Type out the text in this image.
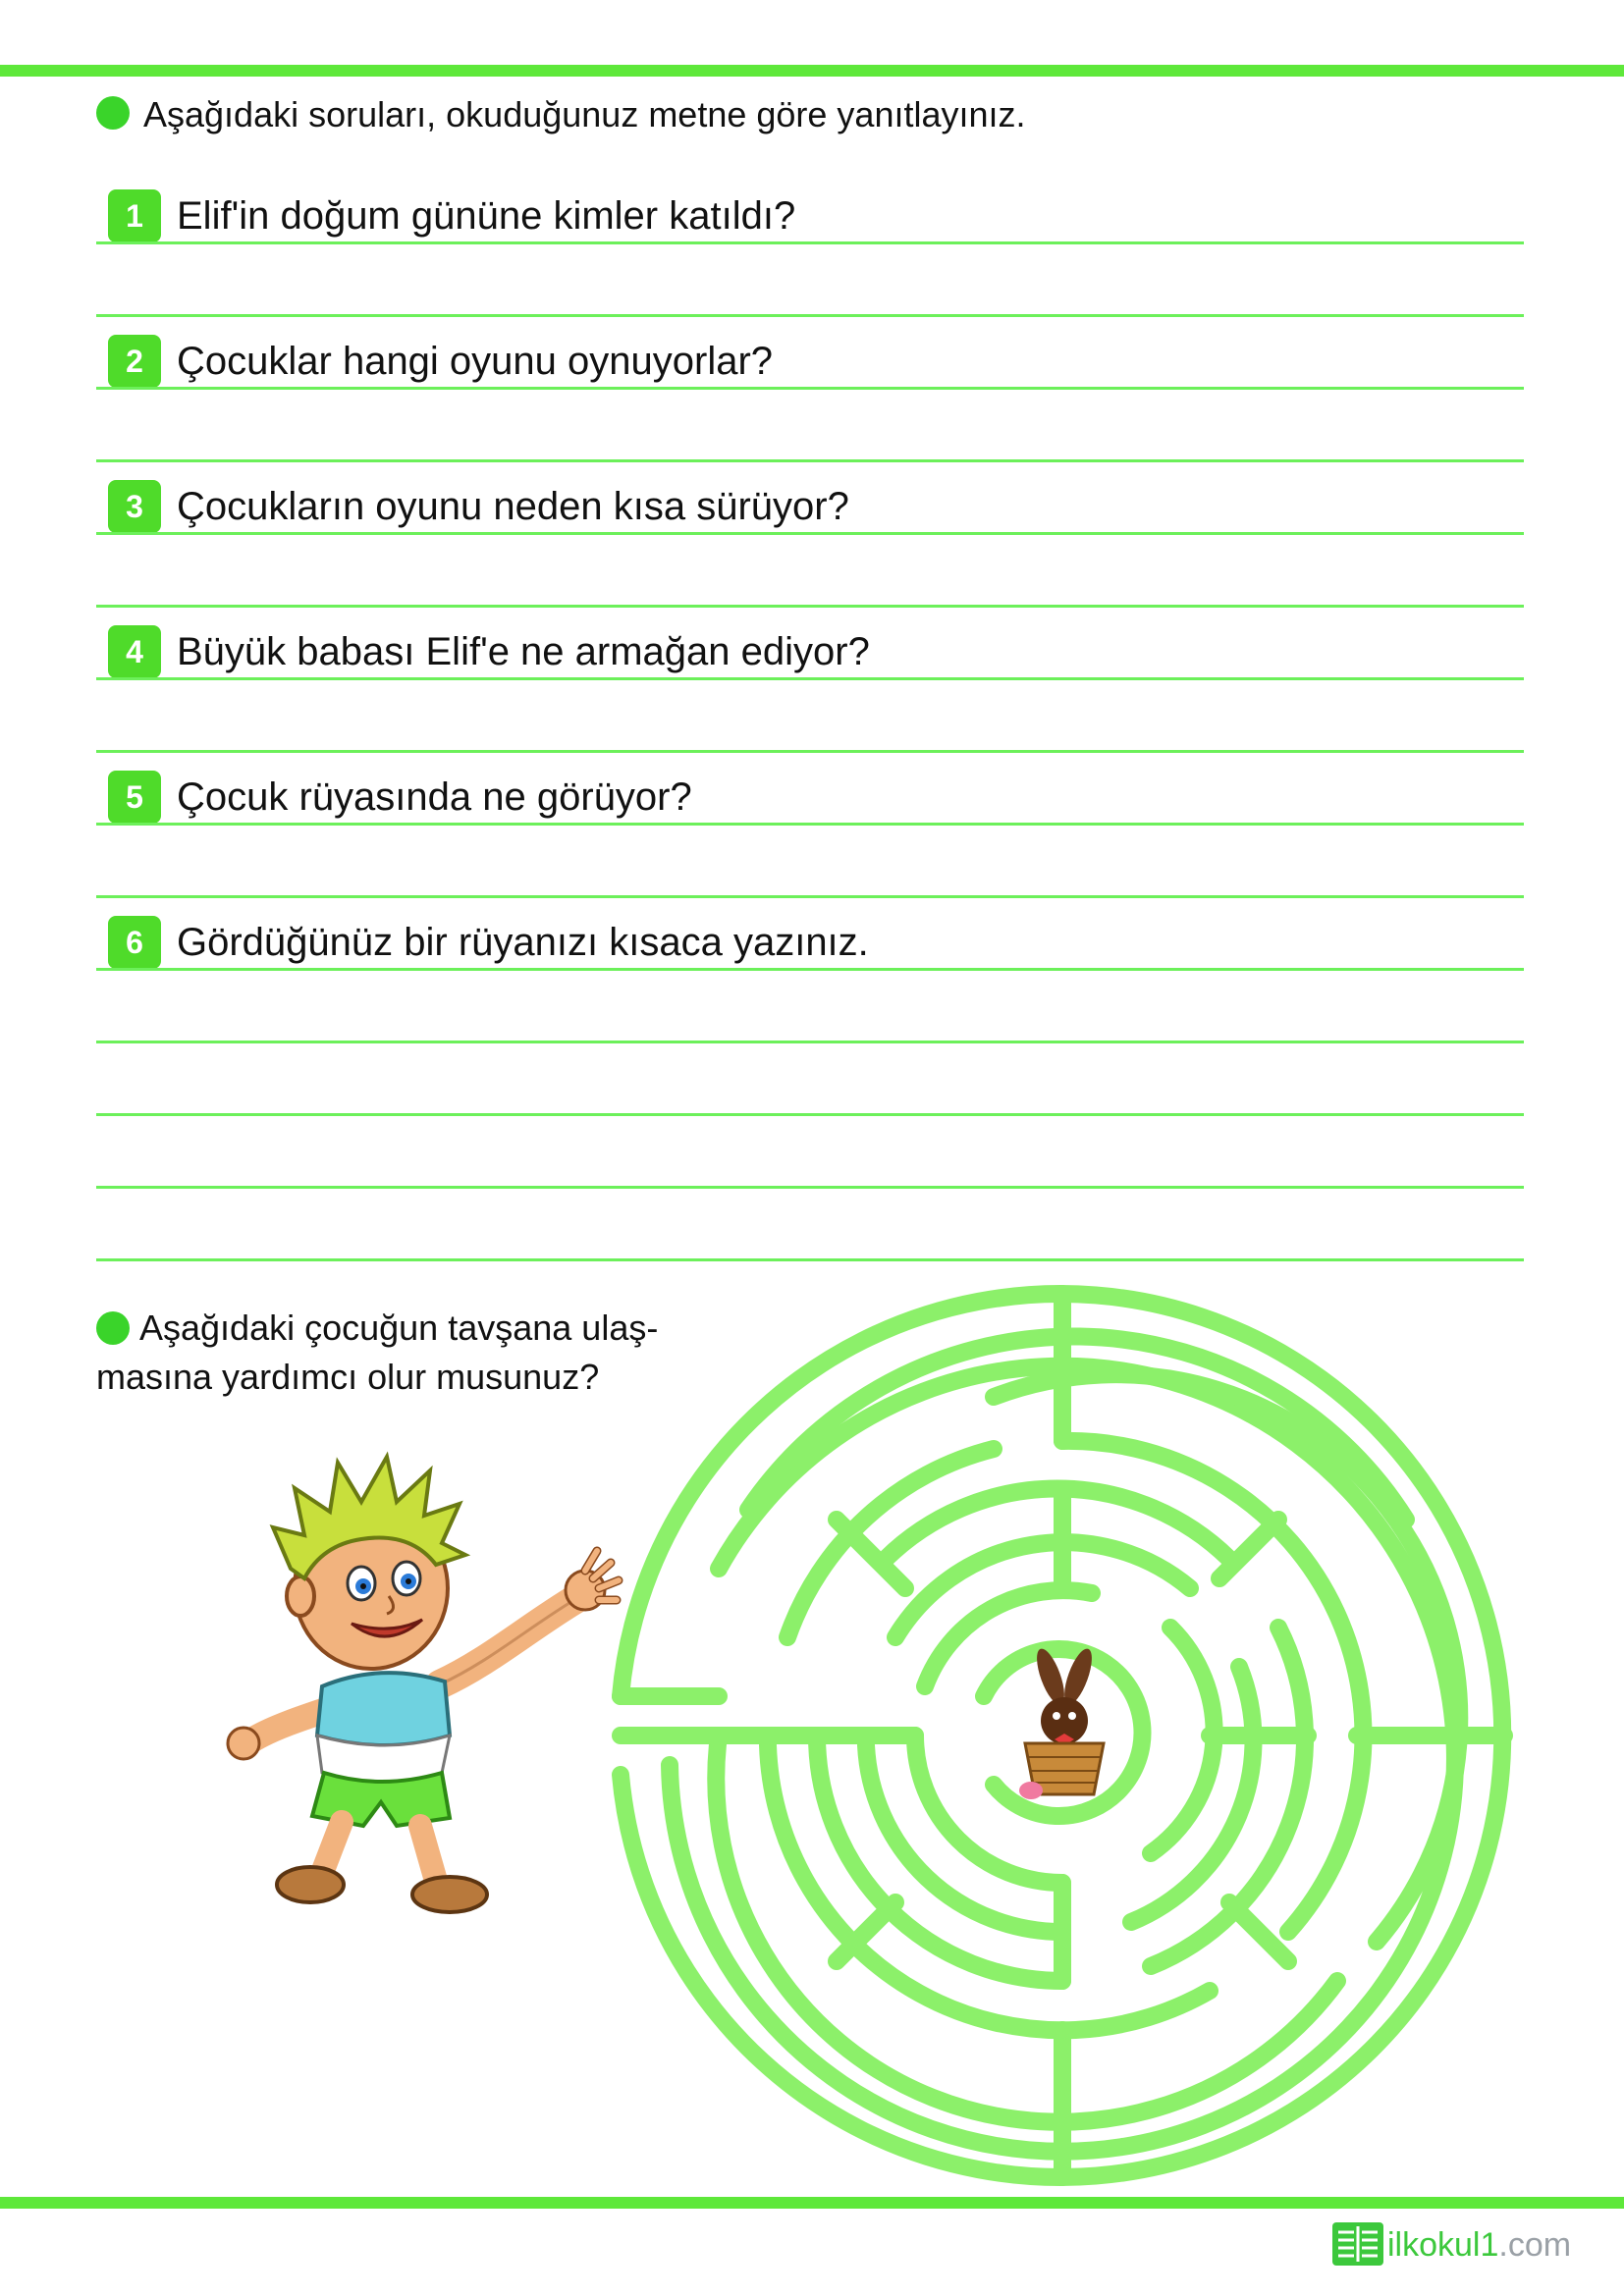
Aşağıdaki soruları, okuduğunuz metne göre yanıtlayınız.
1 Elif'in doğum gününe kimler katıldı?
2 Çocuklar hangi oyunu oynuyorlar?
3 Çocukların oyunu neden kısa sürüyor?
4 Büyük babası Elif'e ne armağan ediyor?
5 Çocuk rüyasında ne görüyor?
6 Gördüğünüz bir rüyanızı kısaca yazınız.
Aşağıdaki çocuğun tavşana ulaş-
masına yardımcı olur musunuz?
ilkokul1.com
